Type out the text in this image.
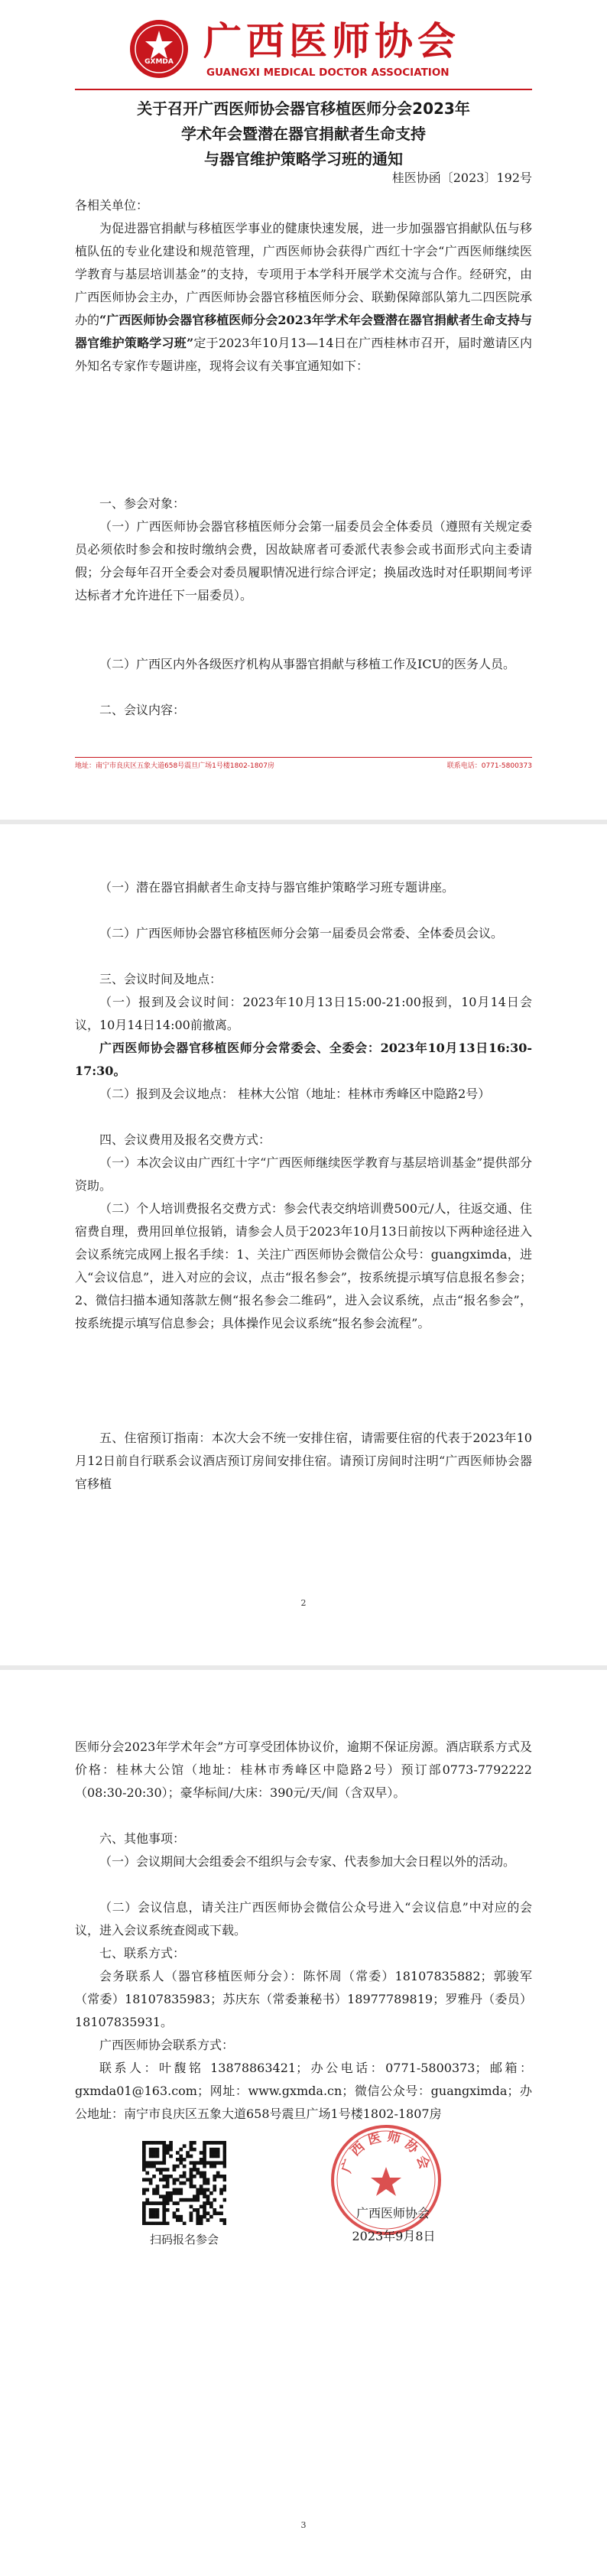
GXMDA 广西医师协会
GUANGXI MEDICAL DOCTOR ASSOCIATION
关于召开广西医师协会器官移植医师分会2023年
学术年会暨潜在器官捐献者生命支持
与器官维护策略学习班的通知
桂医协函〔2023〕192号

各相关单位：

为促进器官捐献与移植医学事业的健康快速发展，进一步加强器官捐献队伍与移植队伍的专业化建设和规范管理，广西医师协会获得广西红十字会“广西医师继续医学教育与基层培训基金”的支持，专项用于本学科开展学术交流与合作。经研究，由广西医师协会主办，广西医师协会器官移植医师分会、联勤保障部队第九二四医院承办的“广西医师协会器官移植医师分会2023年学术年会暨潜在器官捐献者生命支持与器官维护策略学习班”定于2023年10月13—14日在广西桂林市召开，届时邀请区内外知名专家作专题讲座，现将会议有关事宜通知如下：

一、参会对象：

（一）广西医师协会器官移植医师分会第一届委员会全体委员（遵照有关规定委员必须依时参会和按时缴纳会费，因故缺席者可委派代表参会或书面形式向主委请假；分会每年召开全委会对委员履职情况进行综合评定；换届改选时对任职期间考评达标者才允许进任下一届委员）。

（二）广西区内外各级医疗机构从事器官捐献与移植工作及ICU的医务人员。

二、会议内容：

地址：南宁市良庆区五象大道658号震旦广场1号楼1802-1807房	联系电话：0771-5800373

（一）潜在器官捐献者生命支持与器官维护策略学习班专题讲座。

（二）广西医师协会器官移植医师分会第一届委员会常委、全体委员会议。

三、会议时间及地点：

（一）报到及会议时间：2023年10月13日15:00-21:00报到，10月14日会议，10月14日14:00前撤离。

广西医师协会器官移植医师分会常委会、全委会：2023年10月13日16:30-17:30。

（二）报到及会议地点： 桂林大公馆（地址：桂林市秀峰区中隐路2号）

四、会议费用及报名交费方式：

（一）本次会议由广西红十字“广西医师继续医学教育与基层培训基金”提供部分资助。

（二）个人培训费报名交费方式：参会代表交纳培训费500元/人，往返交通、住宿费自理，费用回单位报销，请参会人员于2023年10月13日前按以下两种途径进入会议系统完成网上报名手续：1、关注广西医师协会微信公众号：guangximda，进入“会议信息”，进入对应的会议，点击“报名参会”，按系统提示填写信息报名参会；2、微信扫描本通知落款左侧“报名参会二维码”，进入会议系统，点击“报名参会”，按系统提示填写信息参会；具体操作见会议系统“报名参会流程”。

五、住宿预订指南：本次大会不统一安排住宿，请需要住宿的代表于2023年10月12日前自行联系会议酒店预订房间安排住宿。请预订房间时注明“广西医师协会器官移植

2

医师分会2023年学术年会”方可享受团体协议价，逾期不保证房源。酒店联系方式及价格：桂林大公馆（地址：桂林市秀峰区中隐路2号）预订部0773-7792222（08:30-20:30）；豪华标间/大床：390元/天/间（含双早）。

六、其他事项：

（一）会议期间大会组委会不组织与会专家、代表参加大会日程以外的活动。

（二）会议信息，请关注广西医师协会微信公众号进入“会议信息”中对应的会议，进入会议系统查阅或下载。

七、联系方式：

会务联系人（器官移植医师分会）：陈怀周（常委）18107835882；郭骏军（常委）18107835983；苏庆东（常委兼秘书）18977789819；罗雅丹（委员）18107835931。

广西医师协会联系方式：

联系人：叶馥铭 13878863421；办公电话：0771-5800373；邮箱：gxmda01@163.com；网址：www.gxmda.cn；微信公众号：guangximda；办公地址：南宁市良庆区五象大道658号震旦广场1号楼1802-1807房

扫码报名参会
广西医师协会
广西医师协会
2023年9月8日
3
